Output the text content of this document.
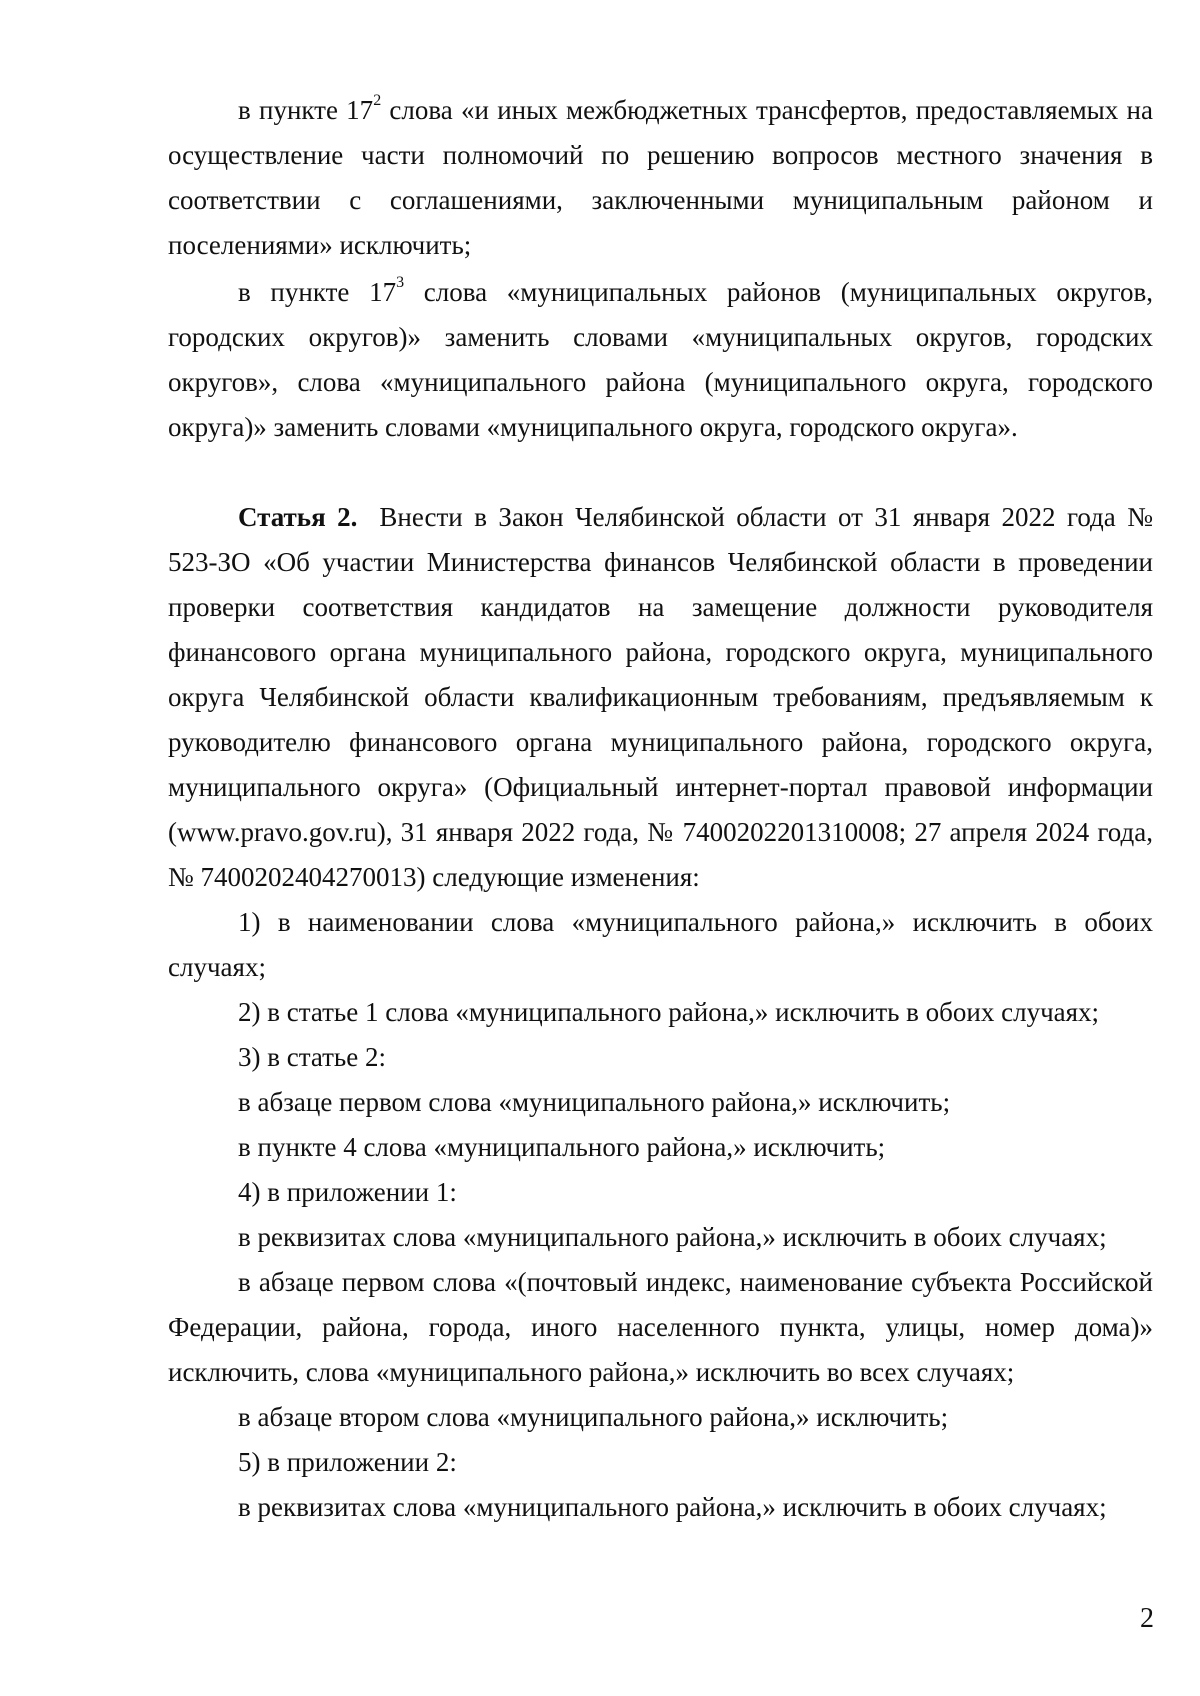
в пункте $17^2$ слова «и иных межбюджетных трансфертов, предоставляемых на осуществление части полномочий по решению вопросов местного значения в соответствии с соглашениями, заключенными муниципальным районом и поселениями» исключить;

в пункте $17^3$ слова «муниципальных районов (муниципальных округов, городских округов)» заменить словами «муниципальных округов, городских округов», слова «муниципального района (муниципального округа, городского округа)» заменить словами «муниципального округа, городского округа».

Статья 2. Внести в Закон Челябинской области от 31 января 2022 года № 523-ЗО «Об участии Министерства финансов Челябинской области в проведении проверки соответствия кандидатов на замещение должности руководителя финансового органа муниципального района, городского округа, муниципального округа Челябинской области квалификационным требованиям, предъявляемым к руководителю финансового органа муниципального района, городского округа, муниципального округа» (Официальный интернет-портал правовой информации (www.pravo.gov.ru), 31 января 2022 года, № 7400202201310008; 27 апреля 2024 года, № 7400202404270013) следующие изменения:

1) в наименовании слова «муниципального района,» исключить в обоих случаях;

2) в статье 1 слова «муниципального района,» исключить в обоих случаях;

3) в статье 2:

в абзаце первом слова «муниципального района,» исключить;

в пункте 4 слова «муниципального района,» исключить;

4) в приложении 1:

в реквизитах слова «муниципального района,» исключить в обоих случаях;

в абзаце первом слова «(почтовый индекс, наименование субъекта Российской Федерации, района, города, иного населенного пункта, улицы, номер дома)» исключить, слова «муниципального района,» исключить во всех случаях;

в абзаце втором слова «муниципального района,» исключить;

5) в приложении 2:

в реквизитах слова «муниципального района,» исключить в обоих случаях;

2
